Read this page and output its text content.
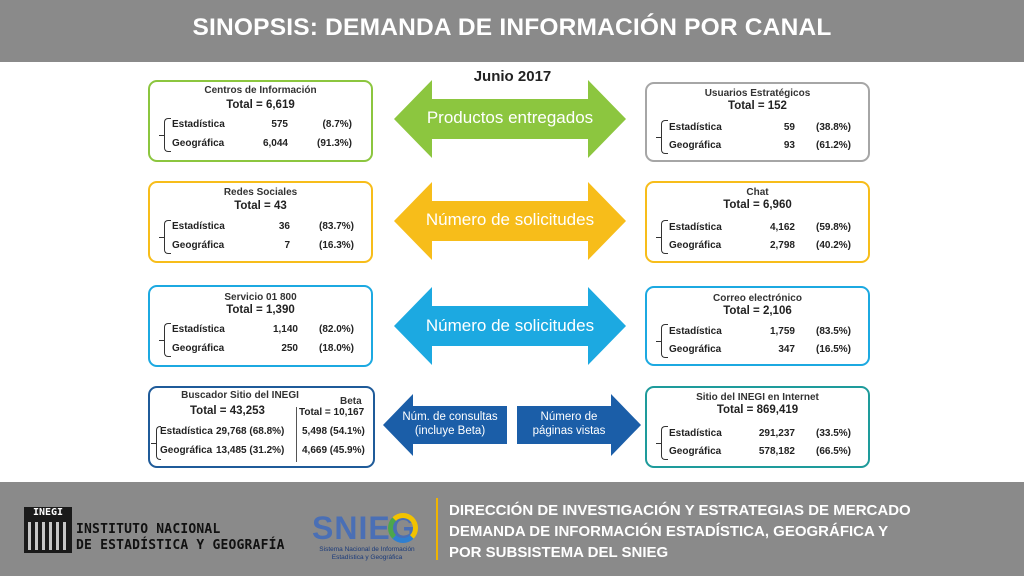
SINOPSIS: DEMANDA DE INFORMACIÓN POR CANAL
Junio 2017
Centros de Información
Total = 6,619
Estadística	575	(8.7%)
Geográfica	6,044	(91.3%)
Usuarios Estratégicos
Total = 152
Estadística	59	(38.8%)
Geográfica	93	(61.2%)
Redes Sociales
Total = 43
Estadística	36	(83.7%)
Geográfica	7	(16.3%)
Chat
Total = 6,960
Estadística	4,162	(59.8%)
Geográfica	2,798	(40.2%)
Servicio 01 800
Total = 1,390
Estadística	1,140	(82.0%)
Geográfica	250	(18.0%)
Correo electrónico
Total = 2,106
Estadística	1,759	(83.5%)
Geográfica	347	(16.5%)
Buscador Sitio del INEGI
Beta
Total = 43,253	Total = 10,167
Estadística 29,768 (68.8%) 5,498 (54.1%)
Geográfica 13,485 (31.2%) 4,669 (45.9%)
Sitio del INEGI en Internet
Total = 869,419
Estadística	291,237	(33.5%)
Geográfica	578,182	(66.5%)
Productos entregados
Número de solicitudes
Número de solicitudes
Núm. de consultas
(incluye Beta)
Número de
páginas vistas
INEGI
INSTITUTO NACIONAL
DE ESTADÍSTICA Y GEOGRAFÍA SNIEG
Sistema Nacional de Información
Estadística y Geográfica
DIRECCIÓN DE INVESTIGACIÓN Y ESTRATEGIAS DE MERCADO
DEMANDA DE INFORMACIÓN ESTADÍSTICA, GEOGRÁFICA Y
POR SUBSISTEMA DEL SNIEG
